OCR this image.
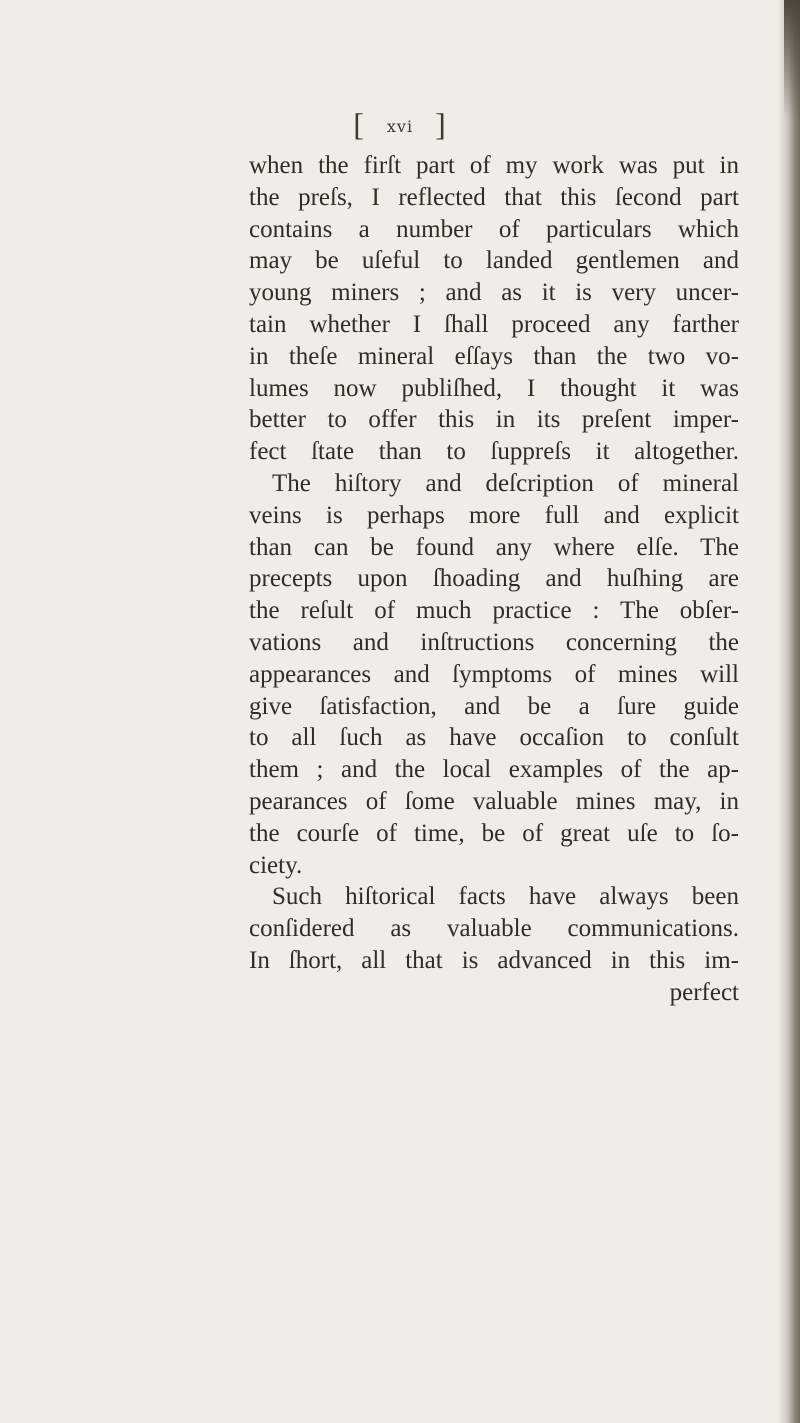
[ xvi ]
when the firſt part of my work was put in
the preſs, I reflected that this ſecond part
contains a number of particulars which
may be uſeful to landed gentlemen and
young miners ; and as it is very uncer-
tain whether I ſhall proceed any farther
in theſe mineral eſſays than the two vo-
lumes now publiſhed, I thought it was
better to offer this in its preſent imper-
fect ſtate than to ſuppreſs it altogether.
The hiſtory and deſcription of mineral
veins is perhaps more full and explicit
than can be found any where elſe. The
precepts upon ſhoading and huſhing are
the reſult of much practice : The obſer-
vations and inſtructions concerning the
appearances and ſymptoms of mines will
give ſatisfaction, and be a ſure guide
to all ſuch as have occaſion to conſult
them ; and the local examples of the ap-
pearances of ſome valuable mines may, in
the courſe of time, be of great uſe to ſo-
ciety.
Such hiſtorical facts have always been
conſidered as valuable communications.
In ſhort, all that is advanced in this im-
perfect
